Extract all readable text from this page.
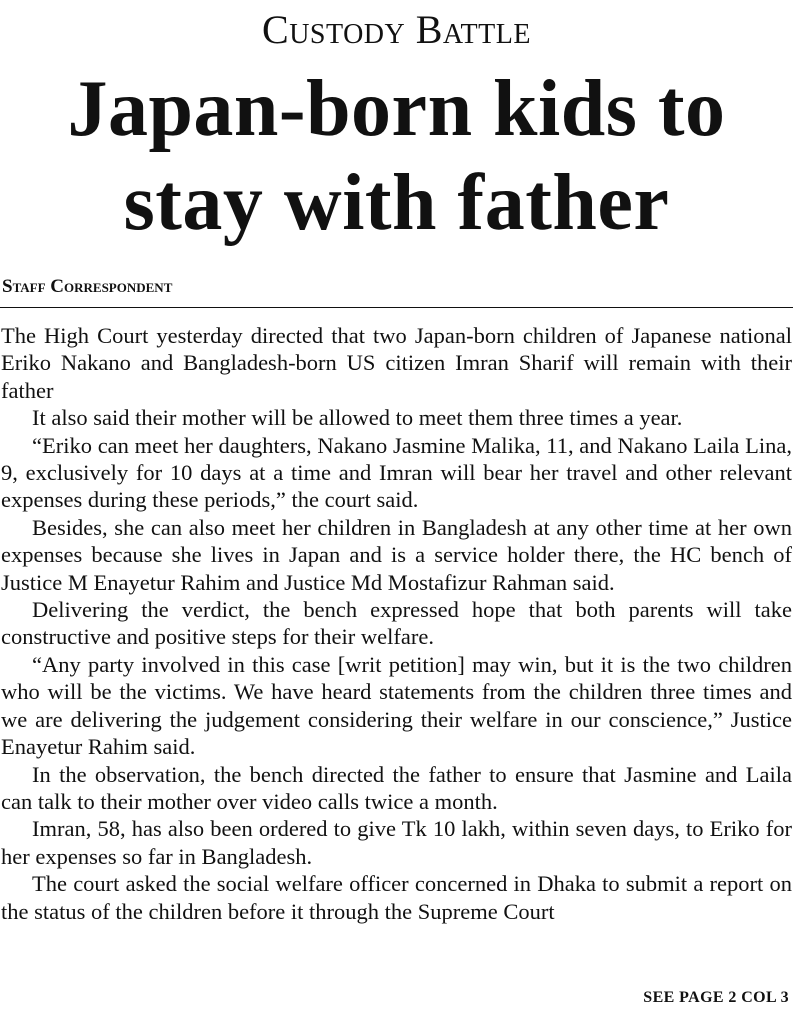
Custody Battle
Japan-born kids to
stay with father
Staff Correspondent

The High Court yesterday directed that two Japan-born children of Japanese national Eriko Nakano and Bangladesh-born US citizen Imran Sharif will remain with their father

It also said their mother will be allowed to meet them three times a year.

“Eriko can meet her daughters, Nakano Jasmine Malika, 11, and Nakano Laila Lina, 9, exclusively for 10 days at a time and Imran will bear her travel and other relevant expenses during these periods,” the court said.

Besides, she can also meet her children in Bangladesh at any other time at her own expenses because she lives in Japan and is a service holder there, the HC bench of Justice M Enayetur Rahim and Justice Md Mostafizur Rahman said.

Delivering the verdict, the bench expressed hope that both parents will take constructive and positive steps for their welfare.

“Any party involved in this case [writ petition] may win, but it is the two children who will be the victims. We have heard statements from the children three times and we are delivering the judgement considering their welfare in our conscience,” Justice Enayetur Rahim said.

In the observation, the bench directed the father to ensure that Jasmine and Laila can talk to their mother over video calls twice a month.

Imran, 58, has also been ordered to give Tk 10 lakh, within seven days, to Eriko for her expenses so far in Bangladesh.

The court asked the social welfare officer concerned in Dhaka to submit a report on the status of the children before it through the Supreme Court

SEE PAGE 2 COL 3
